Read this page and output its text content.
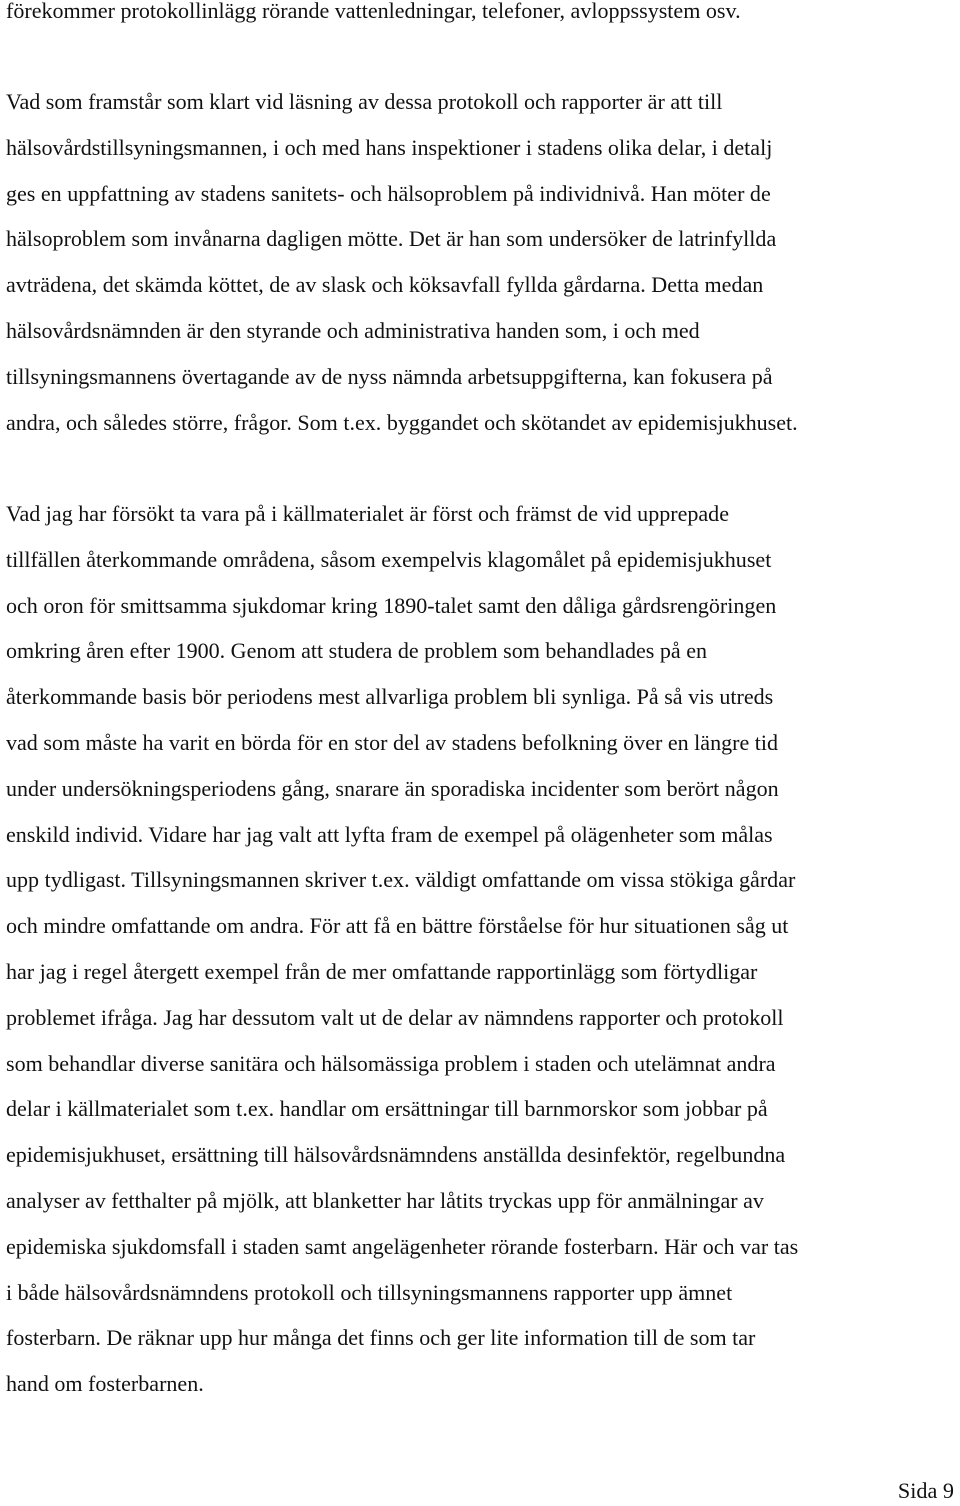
förekommer protokollinlägg rörande vattenledningar, telefoner, avloppssystem osv.

Vad som framstår som klart vid läsning av dessa protokoll och rapporter är att till
hälsovårdstillsyningsmannen, i och med hans inspektioner i stadens olika delar, i detalj
ges en uppfattning av stadens sanitets- och hälsoproblem på individnivå. Han möter de
hälsoproblem som invånarna dagligen mötte. Det är han som undersöker de latrinfyllda
avträdena, det skämda köttet, de av slask och köksavfall fyllda gårdarna. Detta medan
hälsovårdsnämnden är den styrande och administrativa handen som, i och med
tillsyningsmannens övertagande av de nyss nämnda arbetsuppgifterna, kan fokusera på
andra, och således större, frågor. Som t.ex. byggandet och skötandet av epidemisjukhuset.

Vad jag har försökt ta vara på i källmaterialet är först och främst de vid upprepade
tillfällen återkommande områdena, såsom exempelvis klagomålet på epidemisjukhuset
och oron för smittsamma sjukdomar kring 1890-talet samt den dåliga gårdsrengöringen
omkring åren efter 1900. Genom att studera de problem som behandlades på en
återkommande basis bör periodens mest allvarliga problem bli synliga. På så vis utreds
vad som måste ha varit en börda för en stor del av stadens befolkning över en längre tid
under undersökningsperiodens gång, snarare än sporadiska incidenter som berört någon
enskild individ. Vidare har jag valt att lyfta fram de exempel på olägenheter som målas
upp tydligast. Tillsyningsmannen skriver t.ex. väldigt omfattande om vissa stökiga gårdar
och mindre omfattande om andra. För att få en bättre förståelse för hur situationen såg ut
har jag i regel återgett exempel från de mer omfattande rapportinlägg som förtydligar
problemet ifråga. Jag har dessutom valt ut de delar av nämndens rapporter och protokoll
som behandlar diverse sanitära och hälsomässiga problem i staden och utelämnat andra
delar i källmaterialet som t.ex. handlar om ersättningar till barnmorskor som jobbar på
epidemisjukhuset, ersättning till hälsovårdsnämndens anställda desinfektör, regelbundna
analyser av fetthalter på mjölk, att blanketter har låtits tryckas upp för anmälningar av
epidemiska sjukdomsfall i staden samt angelägenheter rörande fosterbarn. Här och var tas
i både hälsovårdsnämndens protokoll och tillsyningsmannens rapporter upp ämnet
fosterbarn. De räknar upp hur många det finns och ger lite information till de som tar
hand om fosterbarnen.

Sida 9
